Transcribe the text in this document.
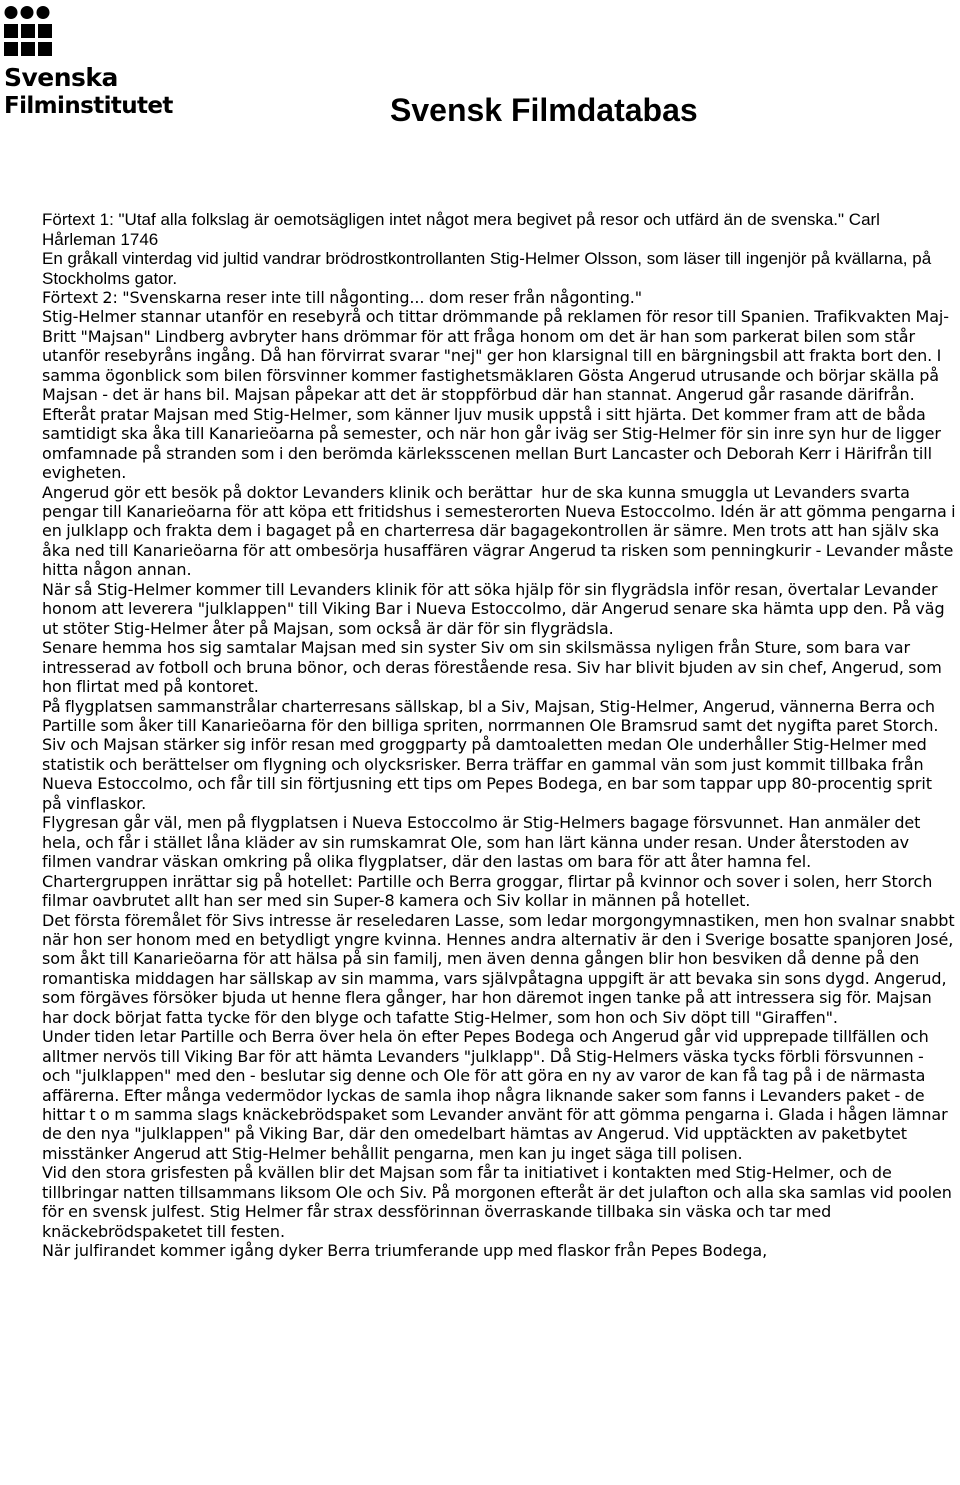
Svenska
Filminstitutet	Svensk Filmdatabas

Förtext 1: "Utaf alla folkslag är oemotsägligen intet något mera begivet på resor och utfärd än de svenska." Carl Hårleman 1746
En gråkall vinterdag vid jultid vandrar brödrostkontrollanten Stig-Helmer Olsson, som läser till ingenjör på kvällarna, på Stockholms gator.

Förtext 2: "Svenskarna reser inte till någonting... dom reser från någonting."
Stig-Helmer stannar utanför en resebyrå och tittar drömmande på reklamen för resor till Spanien. Trafikvakten Maj-Britt "Majsan" Lindberg avbryter hans drömmar för att fråga honom om det är han som parkerat bilen som står utanför resebyråns ingång. Då han förvirrat svarar "nej" ger hon klarsignal till en bärgningsbil att frakta bort den. I samma ögonblick som bilen försvinner kommer fastighetsmäklaren Gösta Angerud utrusande och börjar skälla på Majsan - det är hans bil. Majsan påpekar att det är stoppförbud där han stannat. Angerud går rasande därifrån. Efteråt pratar Majsan med Stig-Helmer, som känner ljuv musik uppstå i sitt hjärta. Det kommer fram att de båda samtidigt ska åka till Kanarieöarna på semester, och när hon går iväg ser Stig-Helmer för sin inre syn hur de ligger omfamnade på stranden som i den berömda kärleksscenen mellan Burt Lancaster och Deborah Kerr i Härifrån till evigheten.
Angerud gör ett besök på doktor Levanders klinik och berättar  hur de ska kunna smuggla ut Levanders svarta pengar till Kanarieöarna för att köpa ett fritidshus i semesterorten Nueva Estoccolmo. Idén är att gömma pengarna i en julklapp och frakta dem i bagaget på en charterresa där bagagekontrollen är sämre. Men trots att han själv ska åka ned till Kanarieöarna för att ombesörja husaffären vägrar Angerud ta risken som penningkurir - Levander måste hitta någon annan.
När så Stig-Helmer kommer till Levanders klinik för att söka hjälp för sin flygrädsla inför resan, övertalar Levander honom att leverera "julklappen" till Viking Bar i Nueva Estoccolmo, där Angerud senare ska hämta upp den. På väg ut stöter Stig-Helmer åter på Majsan, som också är där för sin flygrädsla.
Senare hemma hos sig samtalar Majsan med sin syster Siv om sin skilsmässa nyligen från Sture, som bara var intresserad av fotboll och bruna bönor, och deras förestående resa. Siv har blivit bjuden av sin chef, Angerud, som hon flirtat med på kontoret.
På flygplatsen sammanstrålar charterresans sällskap, bl a Siv, Majsan, Stig-Helmer, Angerud, vännerna Berra och Partille som åker till Kanarieöarna för den billiga spriten, norrmannen Ole Bramsrud samt det nygifta paret Storch. Siv och Majsan stärker sig inför resan med groggparty på damtoaletten medan Ole underhåller Stig-Helmer med statistik och berättelser om flygning och olycksrisker. Berra träffar en gammal vän som just kommit tillbaka från Nueva Estoccolmo, och får till sin förtjusning ett tips om Pepes Bodega, en bar som tappar upp 80-procentig sprit på vinflaskor.
Flygresan går väl, men på flygplatsen i Nueva Estoccolmo är Stig-Helmers bagage försvunnet. Han anmäler det hela, och får i stället låna kläder av sin rumskamrat Ole, som han lärt känna under resan. Under återstoden av filmen vandrar väskan omkring på olika flygplatser, där den lastas om bara för att åter hamna fel.
Chartergruppen inrättar sig på hotellet: Partille och Berra groggar, flirtar på kvinnor och sover i solen, herr Storch filmar oavbrutet allt han ser med sin Super-8 kamera och Siv kollar in männen på hotellet.
Det första föremålet för Sivs intresse är reseledaren Lasse, som ledar morgongymnastiken, men hon svalnar snabbt när hon ser honom med en betydligt yngre kvinna. Hennes andra alternativ är den i Sverige bosatte spanjoren José, som åkt till Kanarieöarna för att hälsa på sin familj, men även denna gången blir hon besviken då denne på den romantiska middagen har sällskap av sin mamma, vars självpåtagna uppgift är att bevaka sin sons dygd. Angerud, som förgäves försöker bjuda ut henne flera gånger, har hon däremot ingen tanke på att intressera sig för. Majsan har dock börjat fatta tycke för den blyge och tafatte Stig-Helmer, som hon och Siv döpt till "Giraffen".
Under tiden letar Partille och Berra över hela ön efter Pepes Bodega och Angerud går vid upprepade tillfällen och alltmer nervös till Viking Bar för att hämta Levanders "julklapp". Då Stig-Helmers väska tycks förbli försvunnen - och "julklappen" med den - beslutar sig denne och Ole för att göra en ny av varor de kan få tag på i de närmasta affärerna. Efter många vedermödor lyckas de samla ihop några liknande saker som fanns i Levanders paket - de hittar t o m samma slags knäckebrödspaket som Levander använt för att gömma pengarna i. Glada i hågen lämnar de den nya "julklappen" på Viking Bar, där den omedelbart hämtas av Angerud. Vid upptäckten av paketbytet misstänker Angerud att Stig-Helmer behållit pengarna, men kan ju inget säga till polisen.
Vid den stora grisfesten på kvällen blir det Majsan som får ta initiativet i kontakten med Stig-Helmer, och de tillbringar natten tillsammans liksom Ole och Siv. På morgonen efteråt är det julafton och alla ska samlas vid poolen för en svensk julfest. Stig Helmer får strax dessförinnan överraskande tillbaka sin väska och tar med knäckebrödspaketet till festen.
När julfirandet kommer igång dyker Berra triumferande upp med flaskor från Pepes Bodega,
